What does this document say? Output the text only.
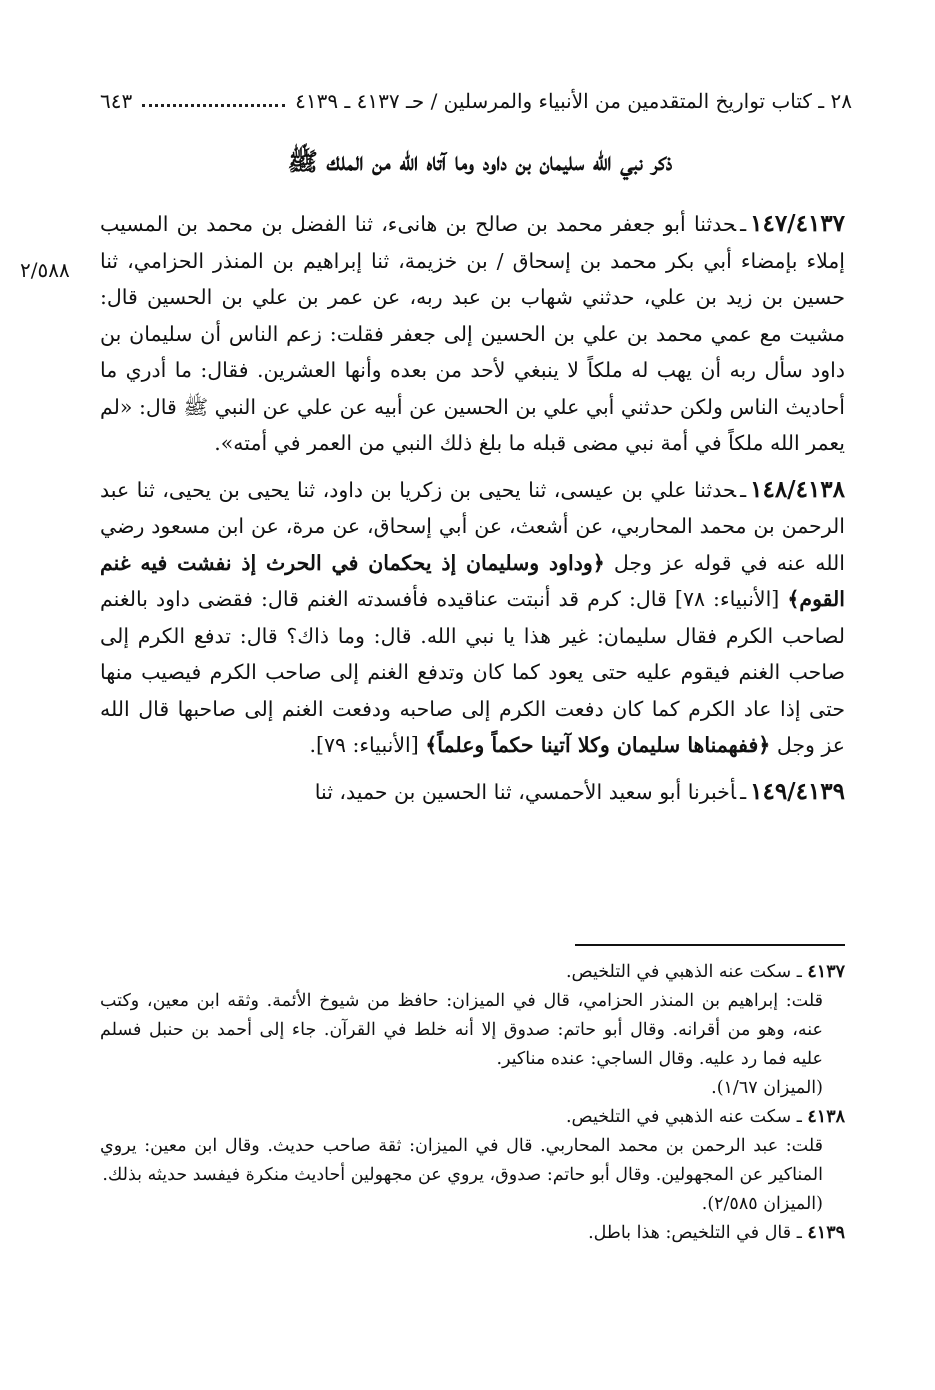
٢٨ ـ كتاب تواريخ المتقدمين من الأنبياء والمرسلين / حـ ٤١٣٧ ـ ٤١٣٩
٦٤٣
ذكر نبي الله سليمان بن داود وما آتاه الله من الملك ﷺ
٢/٥٨٨

١٤٧/٤١٣٧ـحدثنا أبو جعفر محمد بن صالح بن هانىء، ثنا الفضل بن محمد بن المسيب إملاء بإمضاء أبي بكر محمد بن إسحاق / بن خزيمة، ثنا إبراهيم بن المنذر الحزامي، ثنا حسين بن زيد بن علي، حدثني شهاب بن عبد ربه، عن عمر بن علي بن الحسين قال: مشيت مع عمي محمد بن علي بن الحسين إلى جعفر فقلت: زعم الناس أن سليمان بن داود سأل ربه أن يهب له ملكاً لا ينبغي لأحد من بعده وأنها العشرين. فقال: ما أدري ما أحاديث الناس ولكن حدثني أبي علي بن الحسين عن أبيه عن علي عن النبي ﷺ قال: «لم يعمر الله ملكاً في أمة نبي مضى قبله ما بلغ ذلك النبي من العمر في أمته».

١٤٨/٤١٣٨ـحدثنا علي بن عيسى، ثنا يحيى بن زكريا بن داود، ثنا يحيى بن يحيى، ثنا عبد الرحمن بن محمد المحاربي، عن أشعث، عن أبي إسحاق، عن مرة، عن ابن مسعود رضي الله عنه في قوله عز وجل ﴿وداود وسليمان إذ يحكمان في الحرث إذ نفشت فيه غنم القوم﴾ [الأنبياء: ٧٨] قال: كرم قد أنبتت عناقيده فأفسدته الغنم قال: فقضى داود بالغنم لصاحب الكرم فقال سليمان: غير هذا يا نبي الله. قال: وما ذاك؟ قال: تدفع الكرم إلى صاحب الغنم فيقوم عليه حتى يعود كما كان وتدفع الغنم إلى صاحب الكرم فيصيب منها حتى إذا عاد الكرم كما كان دفعت الكرم إلى صاحبه ودفعت الغنم إلى صاحبها قال الله عز وجل ﴿ففهمناها سليمان وكلا آتينا حكماً وعلماً﴾ [الأنبياء: ٧٩].

١٤٩/٤١٣٩ـأخبرنا أبو سعيد الأحمسي، ثنا الحسين بن حميد، ثنا

٤١٣٧ ـ سكت عنه الذهبي في التلخيص.

قلت: إبراهيم بن المنذر الحزامي، قال في الميزان: حافظ من شيوخ الأئمة. وثقه ابن معين، وكتب عنه، وهو من أقرانه. وقال أبو حاتم: صدوق إلا أنه خلط في القرآن. جاء إلى أحمد بن حنبل فسلم عليه فما رد عليه. وقال الساجي: عنده مناكير.

(الميزان ١/٦٧).

٤١٣٨ ـ سكت عنه الذهبي في التلخيص.

قلت: عبد الرحمن بن محمد المحاربي. قال في الميزان: ثقة صاحب حديث. وقال ابن معين: يروي المناكير عن المجهولين. وقال أبو حاتم: صدوق، يروي عن مجهولين أحاديث منكرة فيفسد حديثه بذلك.

(الميزان ٢/٥٨٥).

٤١٣٩ ـ قال في التلخيص: هذا باطل.
